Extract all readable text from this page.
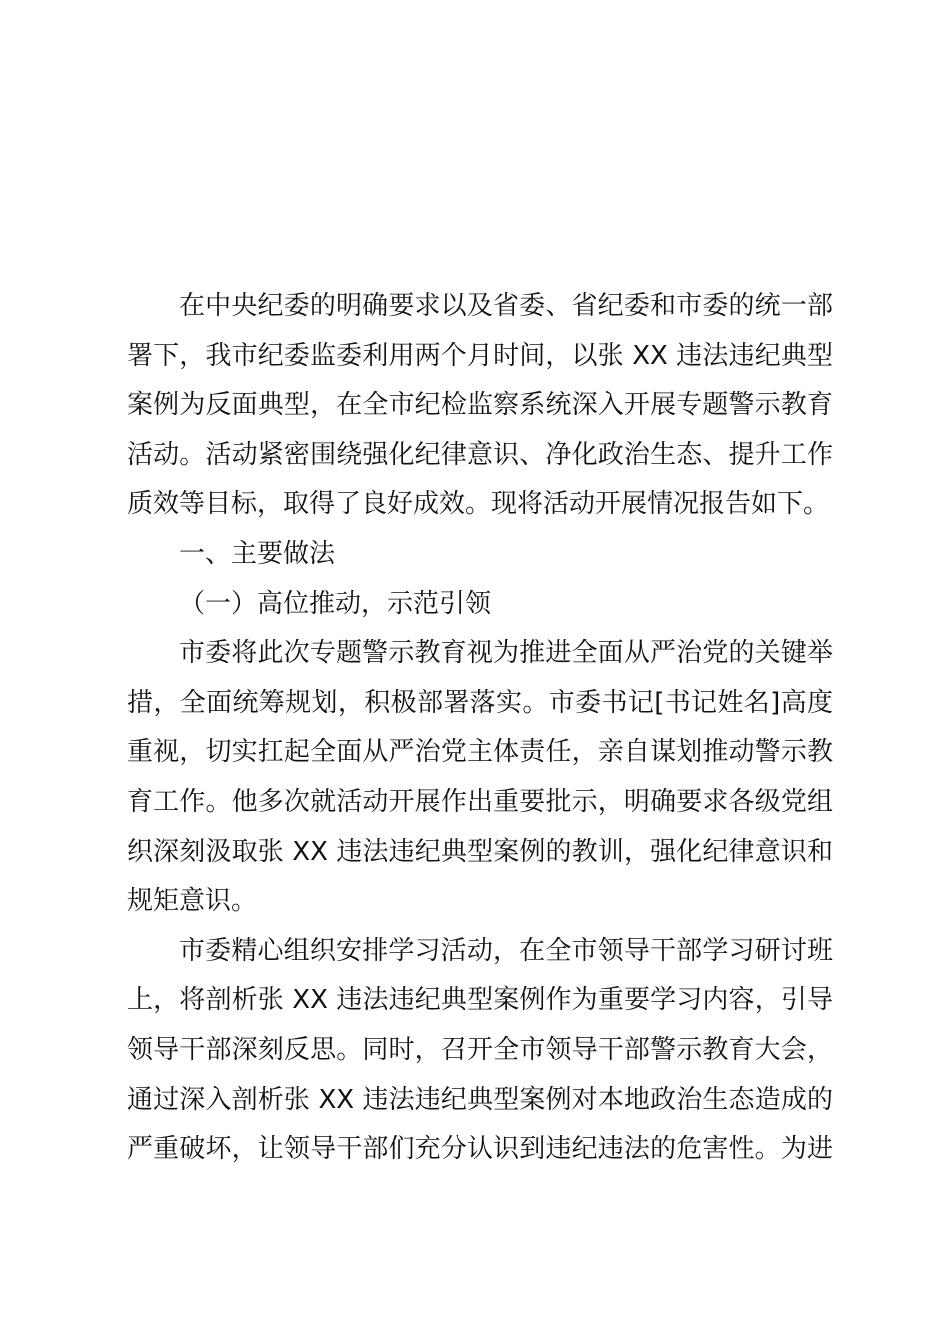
在中央纪委的明确要求以及省委、省纪委和市委的统一部
署下，我市纪委监委利用两个月时间，以张 XX 违法违纪典型
案例为反面典型，在全市纪检监察系统深入开展专题警示教育
活动。活动紧密围绕强化纪律意识、净化政治生态、提升工作
质效等目标，取得了良好成效。现将活动开展情况报告如下。
一、主要做法
（一）高位推动，示范引领
市委将此次专题警示教育视为推进全面从严治党的关键举
措，全面统筹规划，积极部署落实。市委书记[书记姓名]高度
重视，切实扛起全面从严治党主体责任，亲自谋划推动警示教
育工作。他多次就活动开展作出重要批示，明确要求各级党组
织深刻汲取张 XX 违法违纪典型案例的教训，强化纪律意识和
规矩意识。
市委精心组织安排学习活动，在全市领导干部学习研讨班
上，将剖析张 XX 违法违纪典型案例作为重要学习内容，引导
领导干部深刻反思。同时，召开全市领导干部警示教育大会，
通过深入剖析张 XX 违法违纪典型案例对本地政治生态造成的
严重破坏，让领导干部们充分认识到违纪违法的危害性。为进
